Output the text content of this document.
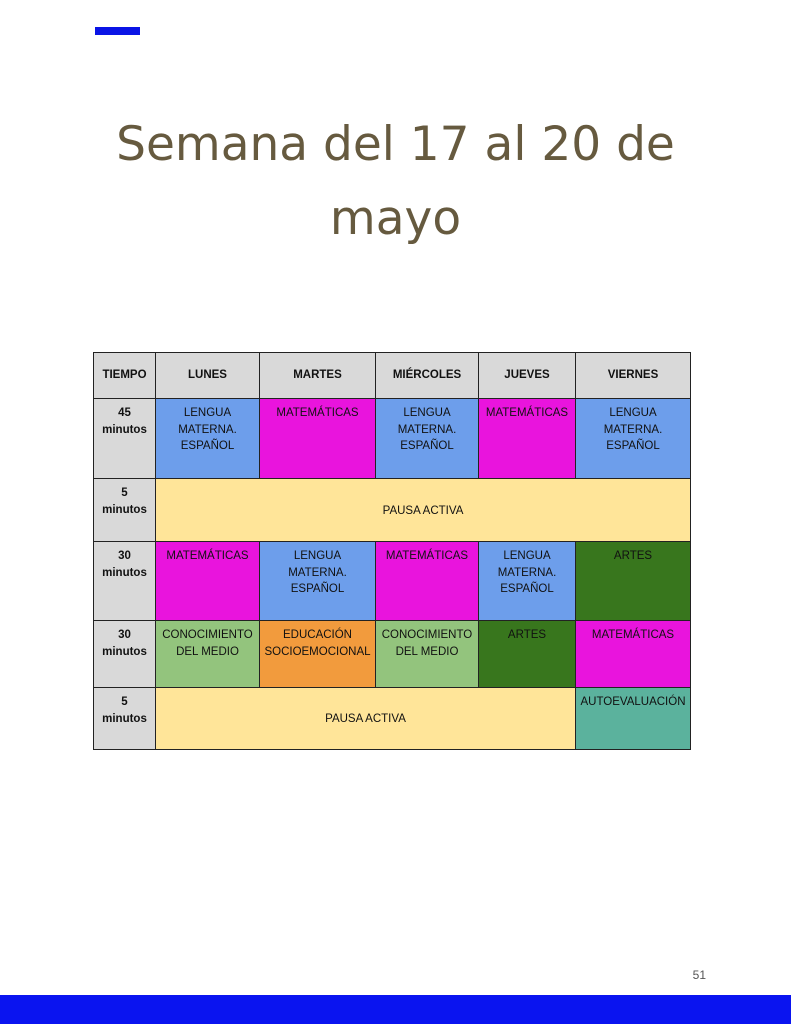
Semana del 17 al 20 de
mayo
TIEMPO	LUNES	MARTES	MIÉRCOLES	JUEVES	VIERNES

45
minutos	LENGUA
MATERNA.
ESPAÑOL	MATEMÁTICAS	LENGUA
MATERNA.
ESPAÑOL	MATEMÁTICAS	LENGUA
MATERNA.
ESPAÑOL

5
minutos	PAUSA ACTIVA				

30
minutos	MATEMÁTICAS	LENGUA
MATERNA.
ESPAÑOL	MATEMÁTICAS	LENGUA
MATERNA.
ESPAÑOL	ARTES

30
minutos	CONOCIMIENTO
DEL MEDIO	EDUCACIÓN
SOCIOEMOCIONAL	CONOCIMIENTO
DEL MEDIO	ARTES	MATEMÁTICAS

5
minutos	PAUSA ACTIVA				AUTOEVALUACIÓN
51
